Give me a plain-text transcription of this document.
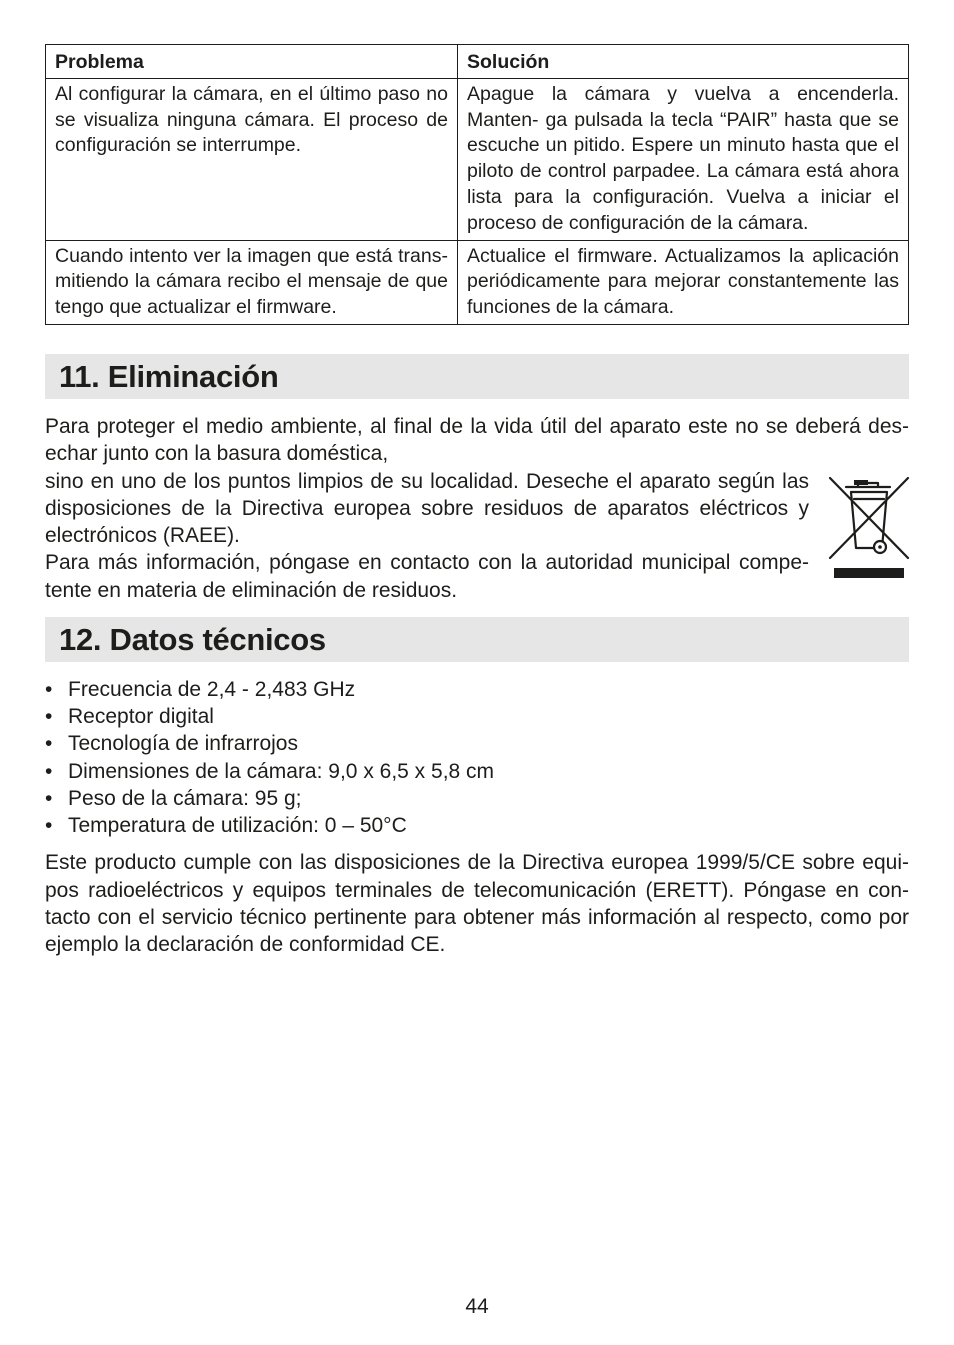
Problema	Solución
Al configurar la cámara, en el último paso no se visualiza ninguna cámara. El proceso de configuración se interrumpe.	Apague la cámara y vuelva a encenderla. Manten- ga pulsada la tecla “PAIR” hasta que se escuche un pitido. Espere un minuto hasta que el piloto de control parpadee. La cámara está ahora lista para la configuración. Vuelva a iniciar el proceso de configuración de la cámara.
Cuando intento ver la imagen que está trans- mitiendo la cámara recibo el mensaje de que tengo que actualizar el firmware.	Actualice el firmware. Actualizamos la aplicación periódicamente para mejorar constantemente las funciones de la cámara.
11. Eliminación

Para proteger el medio ambiente, al final de la vida útil del aparato este no se deberá des- echar junto con la basura doméstica,

sino en uno de los puntos limpios de su localidad. Deseche el aparato según las disposiciones de la Directiva europea sobre residuos de aparatos eléctricos y electrónicos (RAEE).

Para más información, póngase en contacto con la autoridad municipal compe- tente en materia de eliminación de residuos.

12. Datos técnicos
• Frecuencia de 2,4 - 2,483 GHz
• Receptor digital
• Tecnología de infrarrojos
• Dimensiones de la cámara: 9,0 x 6,5 x 5,8 cm
• Peso de la cámara: 95 g;
• Temperatura de utilización: 0 – 50°C

Este producto cumple con las disposiciones de la Directiva europea 1999/5/CE sobre equi- pos radioeléctricos y equipos terminales de telecomunicación (ERETT). Póngase en con- tacto con el servicio técnico pertinente para obtener más información al respecto, como por ejemplo la declaración de conformidad CE.

44
